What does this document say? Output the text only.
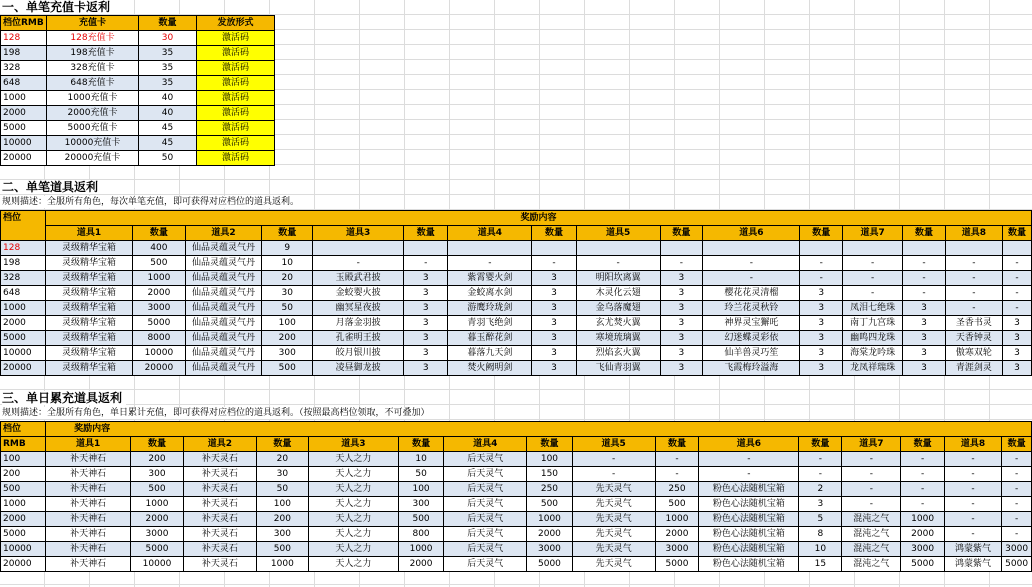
一、单笔充值卡返利
档位RMB	充值卡	数量	发放形式
128	128充值卡	30	激活码
198	198充值卡	35	激活码
328	328充值卡	35	激活码
648	648充值卡	35	激活码
1000	1000充值卡	40	激活码
2000	2000充值卡	40	激活码
5000	5000充值卡	45	激活码
10000	10000充值卡	45	激活码
20000	20000充值卡	50	激活码
二、单笔道具返利
规则描述：全服所有角色，每次单笔充值，即可获得对应档位的道具返利。
档位	奖励内容															
	道具1	数量	道具2	数量	道具3	数量	道具4	数量	道具5	数量	道具6	数量	道具7	数量	道具8	数量
128	灵级精华宝箱	400	仙品灵蕴灵气丹	9												
198	灵级精华宝箱	500	仙品灵蕴灵气丹	10	-	-	-	-	-	-	-	-	-	-	-	-
328	灵级精华宝箱	1000	仙品灵蕴灵气丹	20	玉殿武君披	3	紫霄婴火剑	3	明阳坎离翼	3	-	-	-	-	-	-
648	灵级精华宝箱	2000	仙品灵蕴灵气丹	30	金蛟婴火披	3	金蛟离水剑	3	木灵化云翅	3	樱花花灵清榴	3	-	-	-	-
1000	灵级精华宝箱	3000	仙品灵蕴灵气丹	50	幽冥星夜披	3	游鹰玲珑剑	3	金乌落魔翅	3	玲兰花灵秋铃	3	凤泪七绝珠	3	-	-
2000	灵级精华宝箱	5000	仙品灵蕴灵气丹	100	月落金羽披	3	青羽飞绝剑	3	玄尤焚火翼	3	神界灵宝獬吒	3	南丁九宫珠	3	圣香书灵	3
5000	灵级精华宝箱	8000	仙品灵蕴灵气丹	200	孔雀明王披	3	暮玉醉花剑	3	寒境琉璃翼	3	幻迷蝶灵彩依	3	幽鸣四龙珠	3	天香钟灵	3
10000	灵级精华宝箱	10000	仙品灵蕴灵气丹	300	皎月银川披	3	暮落九天剑	3	烈焰玄火翼	3	仙羊兽灵巧笙	3	海棠龙吟珠	3	傲寒双轮	3
20000	灵级精华宝箱	20000	仙品灵蕴灵气丹	500	凌昼御龙披	3	焚火阙明剑	3	飞仙青羽翼	3	飞霞梅玲溢海	3	龙凤祥瑞珠	3	青涯剑灵	3
三、单日累充道具返利
规则描述：全服所有角色，单日累计充值，即可获得对应档位的道具返利。（按照最高档位领取，不可叠加）
档位	奖励内容															
RMB	道具1	数量	道具2	数量	道具3	数量	道具4	数量	道具5	数量	道具6	数量	道具7	数量	道具8	数量
100	补天神石	200	补天灵石	20	天人之力	10	后天灵气	100	-	-	-	-	-	-	-	-
200	补天神石	300	补天灵石	30	天人之力	50	后天灵气	150	-	-	-	-	-	-	-	-
500	补天神石	500	补天灵石	50	天人之力	100	后天灵气	250	先天灵气	250	粉色心法随机宝箱	2	-	-	-	-
1000	补天神石	1000	补天灵石	100	天人之力	300	后天灵气	500	先天灵气	500	粉色心法随机宝箱	3	-	-	-	-
2000	补天神石	2000	补天灵石	200	天人之力	500	后天灵气	1000	先天灵气	1000	粉色心法随机宝箱	5	混沌之气	1000	-	-
5000	补天神石	3000	补天灵石	300	天人之力	800	后天灵气	2000	先天灵气	2000	粉色心法随机宝箱	8	混沌之气	2000	-	-
10000	补天神石	5000	补天灵石	500	天人之力	1000	后天灵气	3000	先天灵气	3000	粉色心法随机宝箱	10	混沌之气	3000	鸿蒙紫气	3000
20000	补天神石	10000	补天灵石	1000	天人之力	2000	后天灵气	5000	先天灵气	5000	粉色心法随机宝箱	15	混沌之气	5000	鸿蒙紫气	5000
